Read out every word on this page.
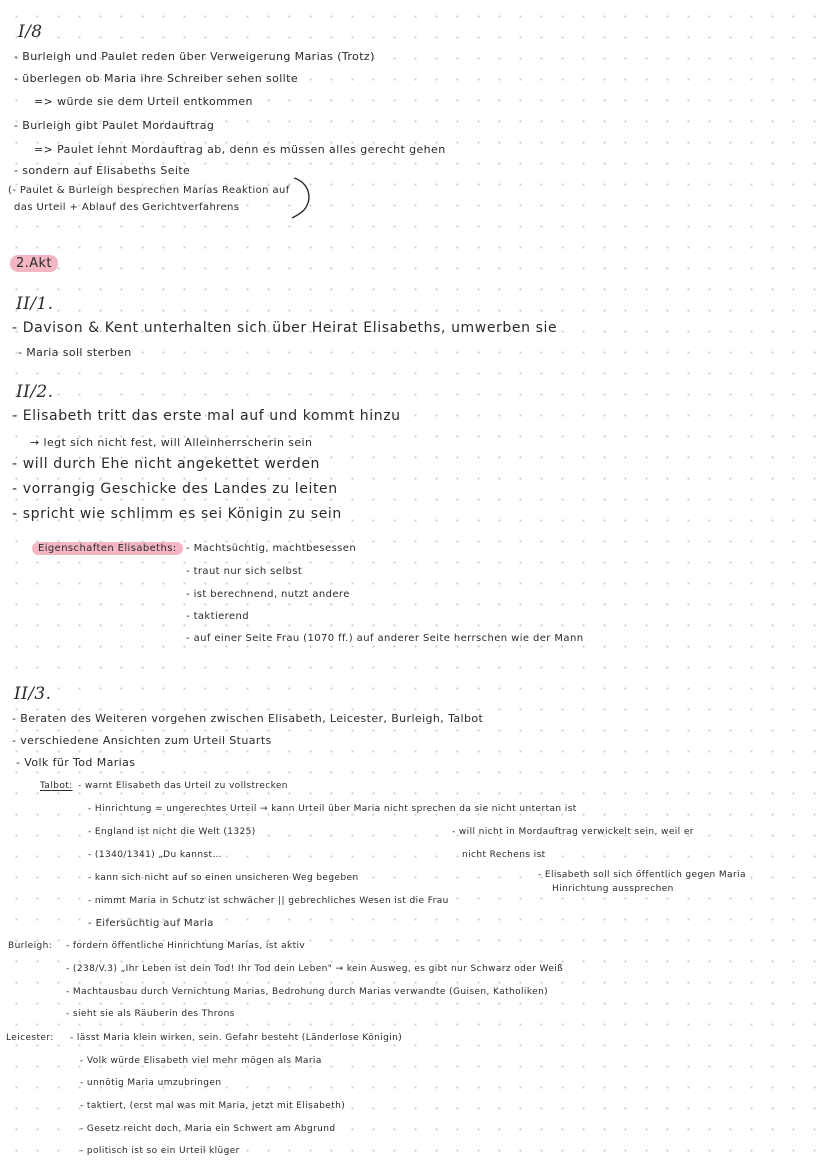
I/8
- Burleigh und Paulet reden über Verweigerung Marias (Trotz)
- überlegen ob Maria ihre Schreiber sehen sollte
=> würde sie dem Urteil entkommen
- Burleigh gibt Paulet Mordauftrag
=> Paulet lehnt Mordauftrag ab, denn es müssen alles gerecht gehen
- sondern auf Elisabeths Seite
(- Paulet & Burleigh besprechen Marias Reaktion auf
das Urteil + Ablauf des Gerichtverfahrens
2.Akt
II/1.
- Davison & Kent unterhalten sich über Heirat Elisabeths, umwerben sie
- Maria soll sterben
II/2.
- Elisabeth tritt das erste mal auf und kommt hinzu
→ legt sich nicht fest, will Alleinherrscherin sein
- will durch Ehe nicht angekettet werden
- vorrangig Geschicke des Landes zu leiten
- spricht wie schlimm es sei Königin zu sein
Eigenschaften Elisabeths: - Machtsüchtig, machtbesessen
- traut nur sich selbst
- ist berechnend, nutzt andere
- taktierend
- auf einer Seite Frau (1070 ff.) auf anderer Seite herrschen wie der Mann
II/3.
- Beraten des Weiteren vorgehen zwischen Elisabeth, Leicester, Burleigh, Talbot
- verschiedene Ansichten zum Urteil Stuarts
- Volk für Tod Marias
Talbot: - warnt Elisabeth das Urteil zu vollstrecken
- Hinrichtung = ungerechtes Urteil → kann Urteil über Maria nicht sprechen da sie nicht untertan ist
- England ist nicht die Welt (1325)
- (1340/1341) „Du kannst…
- kann sich nicht auf so einen unsicheren Weg begeben
- nimmt Maria in Schutz ist schwächer || gebrechliches Wesen ist die Frau
- Eifersüchtig auf Maria
- will nicht in Mordauftrag verwickelt sein, weil er
nicht Rechens ist
- Elisabeth soll sich öffentlich gegen Maria
Hinrichtung aussprechen
Burleigh: - fordern öffentliche Hinrichtung Marias, ist aktiv
- (238/V.3) „Ihr Leben ist dein Tod! Ihr Tod dein Leben" → kein Ausweg, es gibt nur Schwarz oder Weiß
- Machtausbau durch Vernichtung Marias, Bedrohung durch Marias verwandte (Guisen, Katholiken)
- sieht sie als Räuberin des Throns
Leicester: - lässt Maria klein wirken, sein. Gefahr besteht (Länderlose Königin)
- Volk würde Elisabeth viel mehr mögen als Maria
- unnötig Maria umzubringen
- taktiert, (erst mal was mit Maria, jetzt mit Elisabeth)
- Gesetz reicht doch, Maria ein Schwert am Abgrund
- politisch ist so ein Urteil klüger
